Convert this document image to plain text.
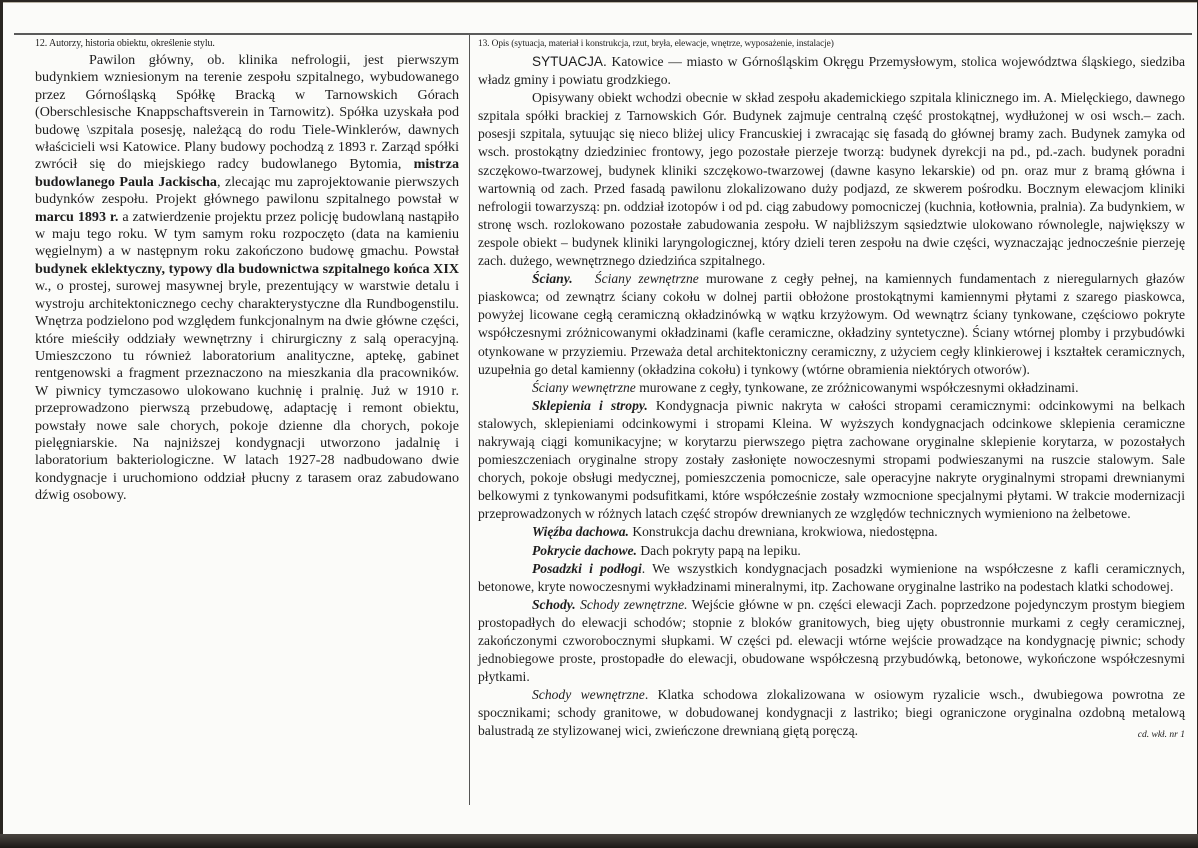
12. Autorzy, historia obiektu, określenie stylu.

Pawilon główny, ob. klinika nefrologii, jest pierwszym budynkiem wzniesionym na terenie zespołu szpitalnego, wybudowanego przez Górnośląską Spółkę Bracką w Tarnowskich Górach (Oberschlesische Knappschaftsverein in Tarnowitz). Spółka uzyskała pod budowę \szpitala posesję, należącą do rodu Tiele-Winklerów, dawnych właścicieli wsi Katowice. Plany budowy pochodzą z 1893 r. Zarząd spółki zwrócił się do miejskiego radcy budowlanego Bytomia, mistrza budowlanego Paula Jackischa, zlecając mu zaprojektowanie pierwszych budynków zespołu. Projekt głównego pawilonu szpitalnego powstał w marcu 1893 r. a zatwierdzenie projektu przez policję budowlaną nastąpiło w maju tego roku. W tym samym roku rozpoczęto (data na kamieniu węgielnym) a w następnym roku zakończono budowę gmachu. Powstał budynek eklektyczny, typowy dla budownictwa szpitalnego końca XIX w., o prostej, surowej masywnej bryle, prezentujący w warstwie detalu i wystroju architektonicznego cechy charakterystyczne dla Rundbogenstilu. Wnętrza podzielono pod względem funkcjonalnym na dwie główne części, które mieściły oddziały wewnętrzny i chirurgiczny z salą operacyjną. Umieszczono tu również laboratorium analityczne, aptekę, gabinet rentgenowski a fragment przeznaczono na mieszkania dla pracowników. W piwnicy tymczasowo ulokowano kuchnię i pralnię. Już w 1910 r. przeprowadzono pierwszą przebudowę, adaptację i remont obiektu, powstały nowe sale chorych, pokoje dzienne dla chorych, pokoje pielęgniarskie. Na najniższej kondygnacji utworzono jadalnię i laboratorium bakteriologiczne. W latach 1927-28 nadbudowano dwie kondygnacje i uruchomiono oddział płucny z tarasem oraz zabudowano dźwig osobowy.

13. Opis (sytuacja, materiał i konstrukcja, rzut, bryła, elewacje, wnętrze, wyposażenie, instalacje)

SYTUACJA. Katowice — miasto w Górnośląskim Okręgu Przemysłowym, stolica województwa śląskiego, siedziba władz gminy i powiatu grodzkiego.

Opisywany obiekt wchodzi obecnie w skład zespołu akademickiego szpitala klinicznego im. A. Mielęckiego, dawnego szpitala spółki brackiej z Tarnowskich Gór. Budynek zajmuje centralną część prostokątnej, wydłużonej w osi wsch.– zach. posesji szpitala, sytuując się nieco bliżej ulicy Francuskiej i zwracając się fasadą do głównej bramy zach. Budynek zamyka od wsch. prostokątny dziedziniec frontowy, jego pozostałe pierzeje tworzą: budynek dyrekcji na pd., pd.-zach. budynek poradni szczękowo-twarzowej, budynek kliniki szczękowo-twarzowej (dawne kasyno lekarskie) od pn. oraz mur z bramą główna i wartownią od zach. Przed fasadą pawilonu zlokalizowano duży podjazd, ze skwerem pośrodku. Bocznym elewacjom kliniki nefrologii towarzyszą: pn. oddział izotopów i od pd. ciąg zabudowy pomocniczej (kuchnia, kotłownia, pralnia). Za budynkiem, w stronę wsch. rozlokowano pozostałe zabudowania zespołu. W najbliższym sąsiedztwie ulokowano równolegle, największy w zespole obiekt – budynek kliniki laryngologicznej, który dzieli teren zespołu na dwie części, wyznaczając jednocześnie pierzeję zach. dużego, wewnętrznego dziedzińca szpitalnego.

Ściany. Ściany zewnętrzne murowane z cegły pełnej, na kamiennych fundamentach z nieregularnych głazów piaskowca; od zewnątrz ściany cokołu w dolnej partii obłożone prostokątnymi kamiennymi płytami z szarego piaskowca, powyżej licowane cegłą ceramiczną okładzinówką w wątku krzyżowym. Od wewnątrz ściany tynkowane, częściowo pokryte współczesnymi zróżnicowanymi okładzinami (kafle ceramiczne, okładziny syntetyczne). Ściany wtórnej plomby i przybudówki otynkowane w przyziemiu. Przeważa detal architektoniczny ceramiczny, z użyciem cegły klinkierowej i kształtek ceramicznych, uzupełnia go detal kamienny (okładzina cokołu) i tynkowy (wtórne obramienia niektórych otworów).

Ściany wewnętrzne murowane z cegły, tynkowane, ze zróżnicowanymi współczesnymi okładzinami.

Sklepienia i stropy. Kondygnacja piwnic nakryta w całości stropami ceramicznymi: odcinkowymi na belkach stalowych, sklepieniami odcinkowymi i stropami Kleina. W wyższych kondygnacjach odcinkowe sklepienia ceramiczne nakrywają ciągi komunikacyjne; w korytarzu pierwszego piętra zachowane oryginalne sklepienie korytarza, w pozostałych pomieszczeniach oryginalne stropy zostały zasłonięte nowoczesnymi stropami podwieszanymi na ruszcie stalowym. Sale chorych, pokoje obsługi medycznej, pomieszczenia pomocnicze, sale operacyjne nakryte oryginalnymi stropami drewnianymi belkowymi z tynkowanymi podsufitkami, które współcześnie zostały wzmocnione specjalnymi płytami. W trakcie modernizacji przeprowadzonych w różnych latach część stropów drewnianych ze względów technicznych wymieniono na żelbetowe.

Więźba dachowa. Konstrukcja dachu drewniana, krokwiowa, niedostępna.

Pokrycie dachowe. Dach pokryty papą na lepiku.

Posadzki i podłogi. We wszystkich kondygnacjach posadzki wymienione na współczesne z kafli ceramicznych, betonowe, kryte nowoczesnymi wykładzinami mineralnymi, itp. Zachowane oryginalne lastriko na podestach klatki schodowej.

Schody. Schody zewnętrzne. Wejście główne w pn. części elewacji Zach. poprzedzone pojedynczym prostym biegiem prostopadłych do elewacji schodów; stopnie z bloków granitowych, bieg ujęty obustronnie murkami z cegły ceramicznej, zakończonymi czworobocznymi słupkami. W części pd. elewacji wtórne wejście prowadzące na kondygnację piwnic; schody jednobiegowe proste, prostopadłe do elewacji, obudowane współczesną przybudówką, betonowe, wykończone współczesnymi płytkami.

Schody wewnętrzne. Klatka schodowa zlokalizowana w osiowym ryzalicie wsch., dwubiegowa powrotna ze spocznikami; schody granitowe, w dobudowanej kondygnacji z lastriko; biegi ograniczone oryginalna ozdobną metalową balustradą ze stylizowanej wici, zwieńczone drewnianą giętą poręczą.	cd. wkł. nr 1
